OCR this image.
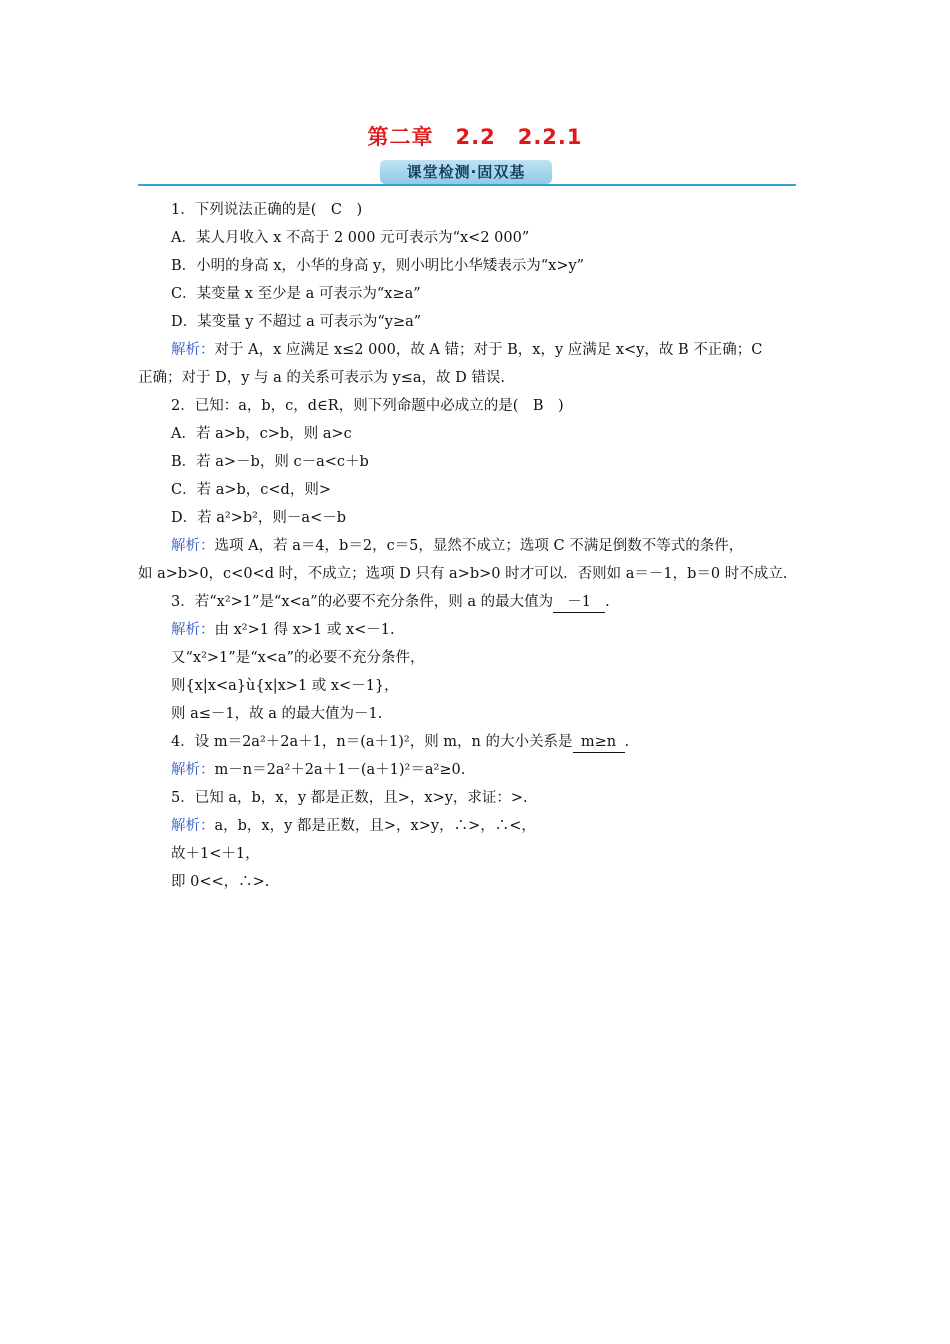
第二章　2.2　2.2.1
课堂检测·固双基
1．下列说法正确的是(　C　)
A．某人月收入 x 不高于 2 000 元可表示为“x<2 000”
B．小明的身高 x，小华的身高 y，则小明比小华矮表示为“x>y”
C．某变量 x 至少是 a 可表示为“x≥a”
D．某变量 y 不超过 a 可表示为“y≥a”
解析：对于 A，x 应满足 x≤2 000，故 A 错；对于 B，x，y 应满足 x<y，故 B 不正确；C
正确；对于 D，y 与 a 的关系可表示为 y≤a，故 D 错误.
2．已知：a，b，c，d∈R，则下列命题中必成立的是(　B　)
A．若 a>b，c>b，则 a>c
B．若 a>－b，则 c－a<c＋b
C．若 a>b，c<d，则>
D．若 a²>b²，则－a<－b
解析：选项 A，若 a＝4，b＝2，c＝5，显然不成立；选项 C 不满足倒数不等式的条件，
如 a>b>0，c<0<d 时，不成立；选项 D 只有 a>b>0 时才可以．否则如 a＝－1，b＝0 时不成立.
3．若“x²>1”是“x<a”的必要不充分条件，则 a 的最大值为 －1 .
解析：由 x²>1 得 x>1 或 x<－1.
又“x²>1”是“x<a”的必要不充分条件，
则{x|x<a}ù{x|x>1 或 x<－1}，
则 a≤－1，故 a 的最大值为－1.
4．设 m＝2a²＋2a＋1，n＝(a＋1)²，则 m，n 的大小关系是 m≥n .
解析：m－n＝2a²＋2a＋1－(a＋1)²＝a²≥0.
5．已知 a，b，x，y 都是正数，且>，x>y，求证：>.
解析：a，b，x，y 都是正数，且>，x>y，∴>，∴<，
故＋1<＋1，
即 0<<，∴>.
